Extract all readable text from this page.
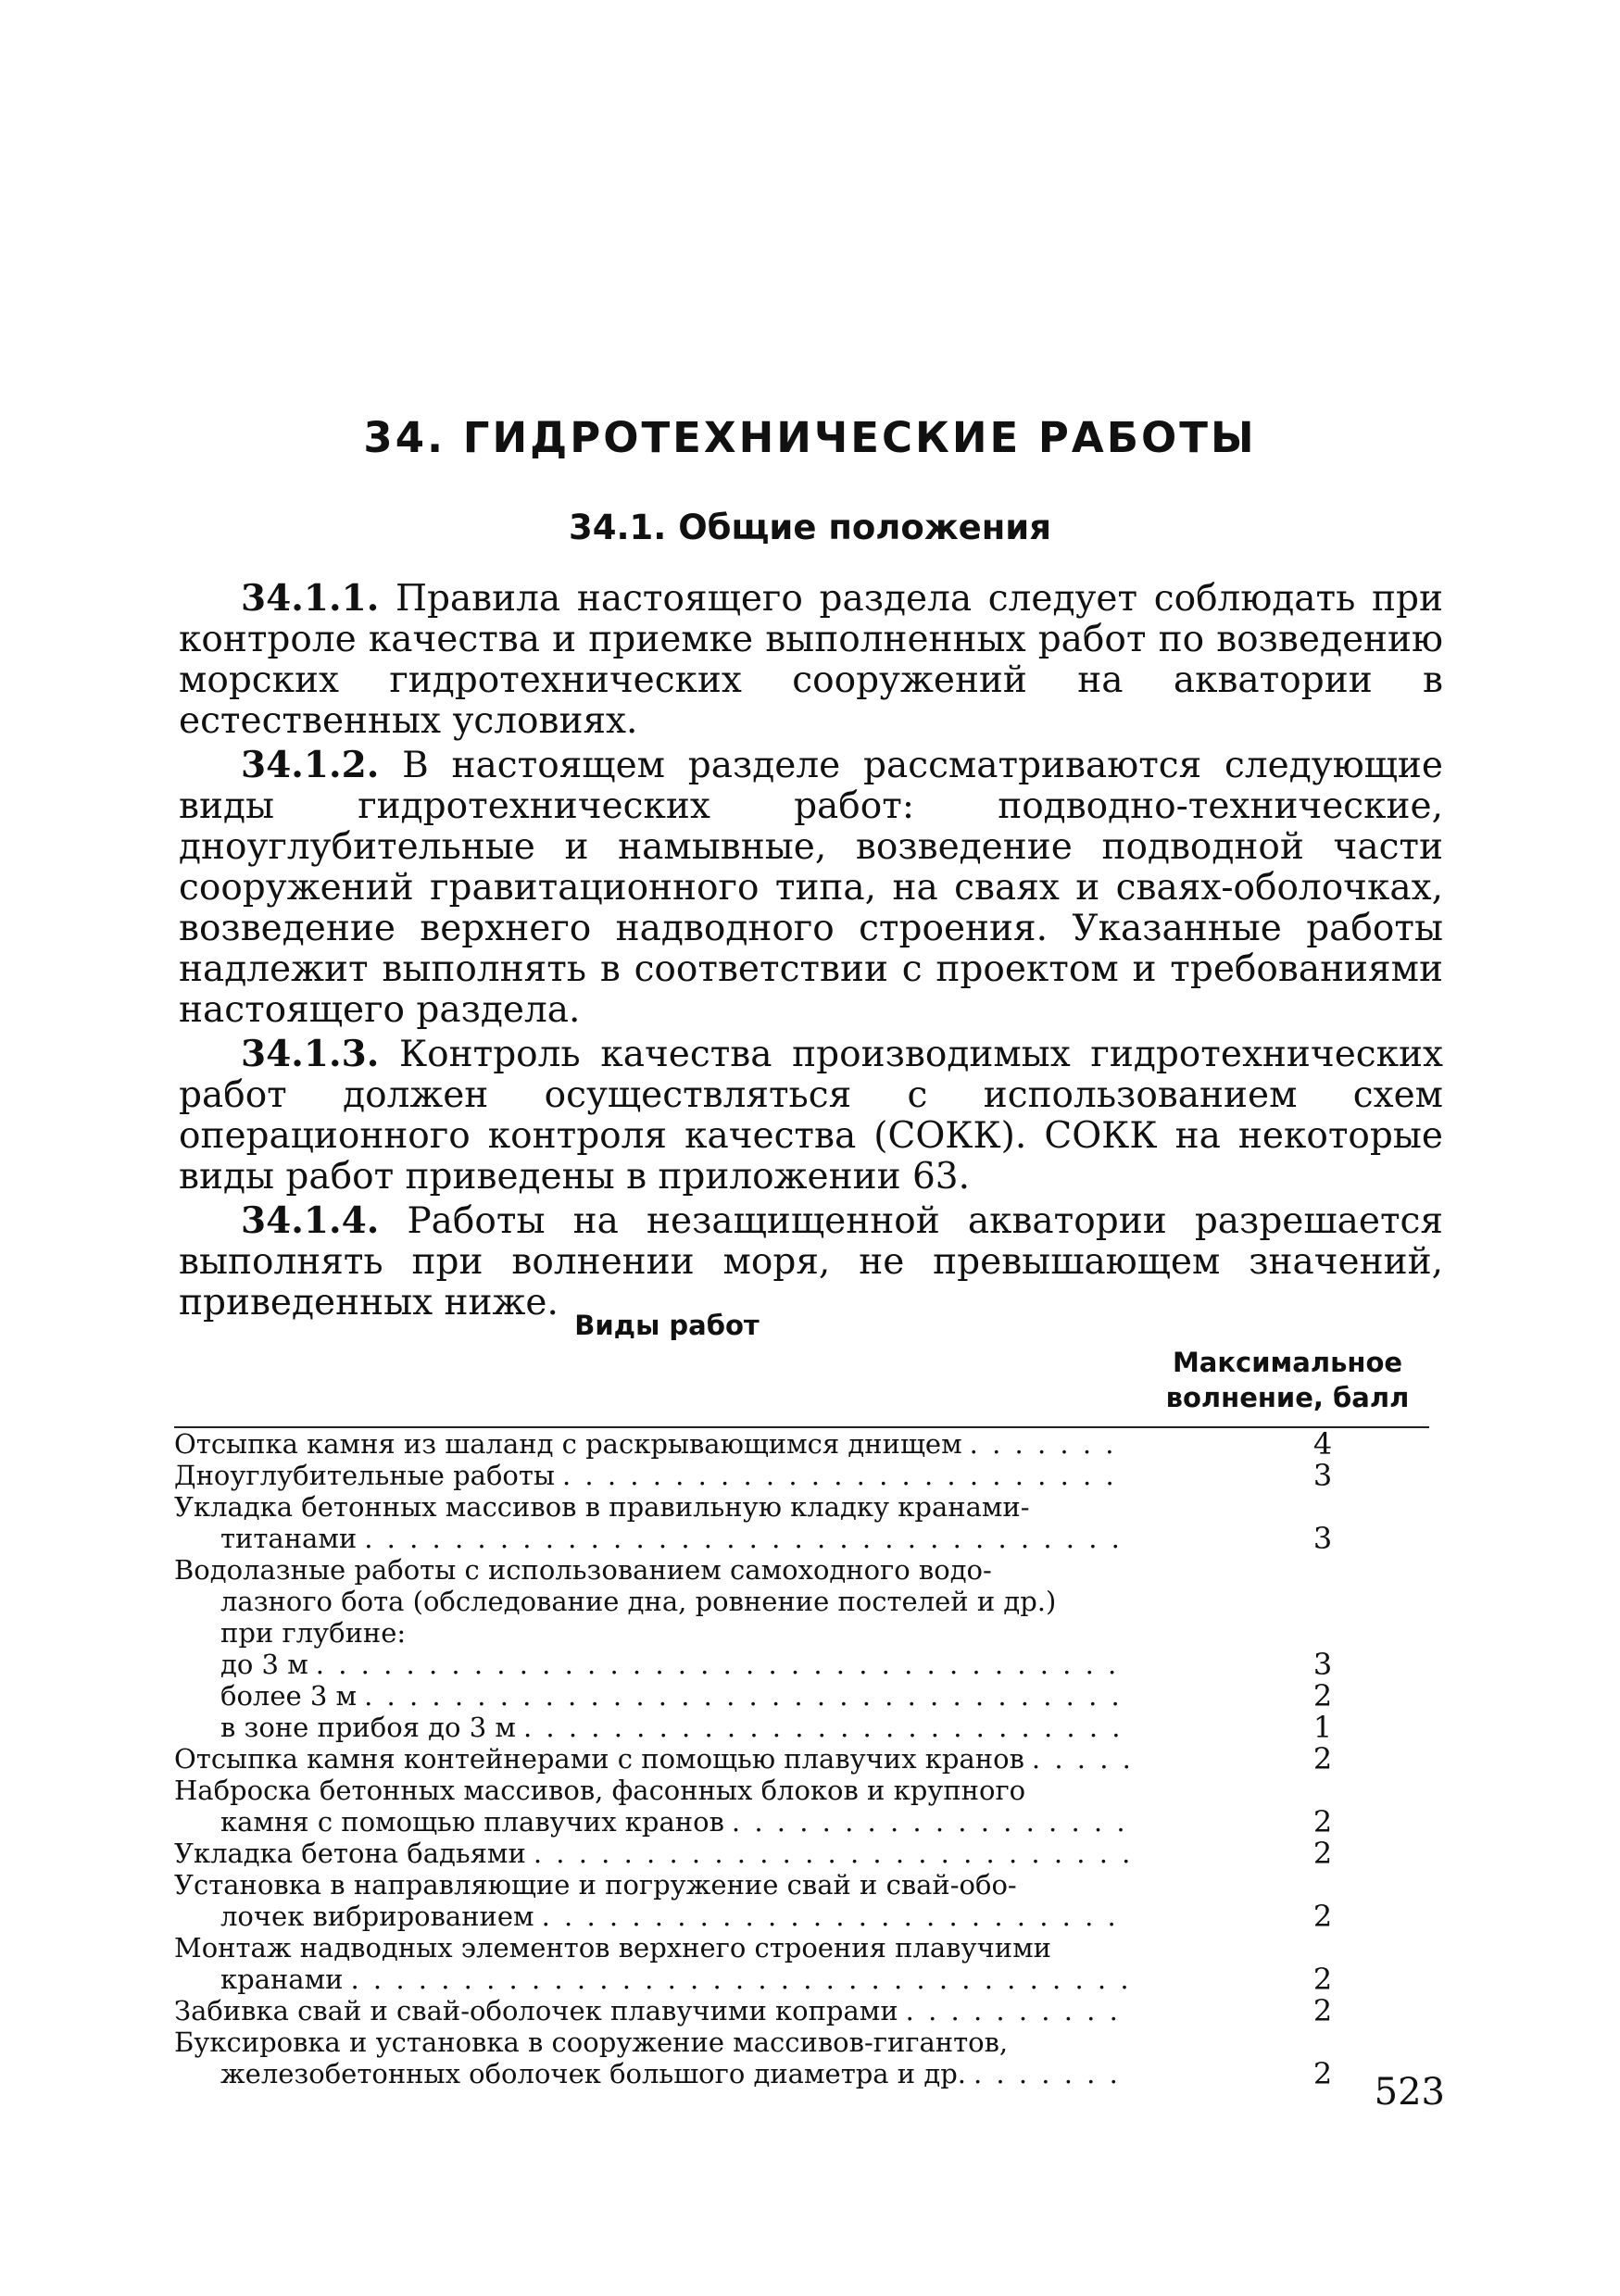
34. ГИДРОТЕХНИЧЕСКИЕ РАБОТЫ
34.1. Общие положения

34.1.1. Правила настоящего раздела следует соблюдать при контроле качества и приемке выполненных работ по возведению морских гидротехнических сооружений на акватории в естественных условиях.

34.1.2. В настоящем разделе рассматриваются следующие виды гидротехнических работ: подводно-технические, дноуглубительные и намывные, возведение подводной части сооружений гравитационного типа, на сваях и сваях-оболочках, возведение верхнего надводного строения. Указанные работы надлежит выполнять в соответствии с проектом и требованиями настоящего раздела.

34.1.3. Контроль качества производимых гидротехнических работ должен осуществляться с использованием схем операционного контроля качества (СОКК). СОКК на некоторые виды работ приведены в приложении 63.

34.1.4. Работы на незащищенной акватории разрешается выполнять при волнении моря, не превышающем значений, приведенных ниже.

Виды работ
Максимальное волнение, балл
Отсыпка камня из шаланд с раскрывающимся днищем . . .	4
Дноуглубительные работы . . .	3
Укладка бетонных массивов в правильную кладку кранами-
титанами . . .	3
Водолазные работы с использованием самоходного водо-
лазного бота (обследование дна, ровнение постелей и др.)
при глубине:
до 3 м . . .	3
более 3 м . . .	2
в зоне прибоя до 3 м . . .	1
Отсыпка камня контейнерами с помощью плавучих кранов . . .	2
Наброска бетонных массивов, фасонных блоков и крупного
камня с помощью плавучих кранов . . .	2
Укладка бетона бадьями . . .	2
Установка в направляющие и погружение свай и свай-обо-
лочек вибрированием . . .	2
Монтаж надводных элементов верхнего строения плавучими
кранами . . .	2
Забивка свай и свай-оболочек плавучими копрами . . .	2
Буксировка и установка в сооружение массивов-гигантов,
железобетонных оболочек большого диаметра и др. . . .	2	523
